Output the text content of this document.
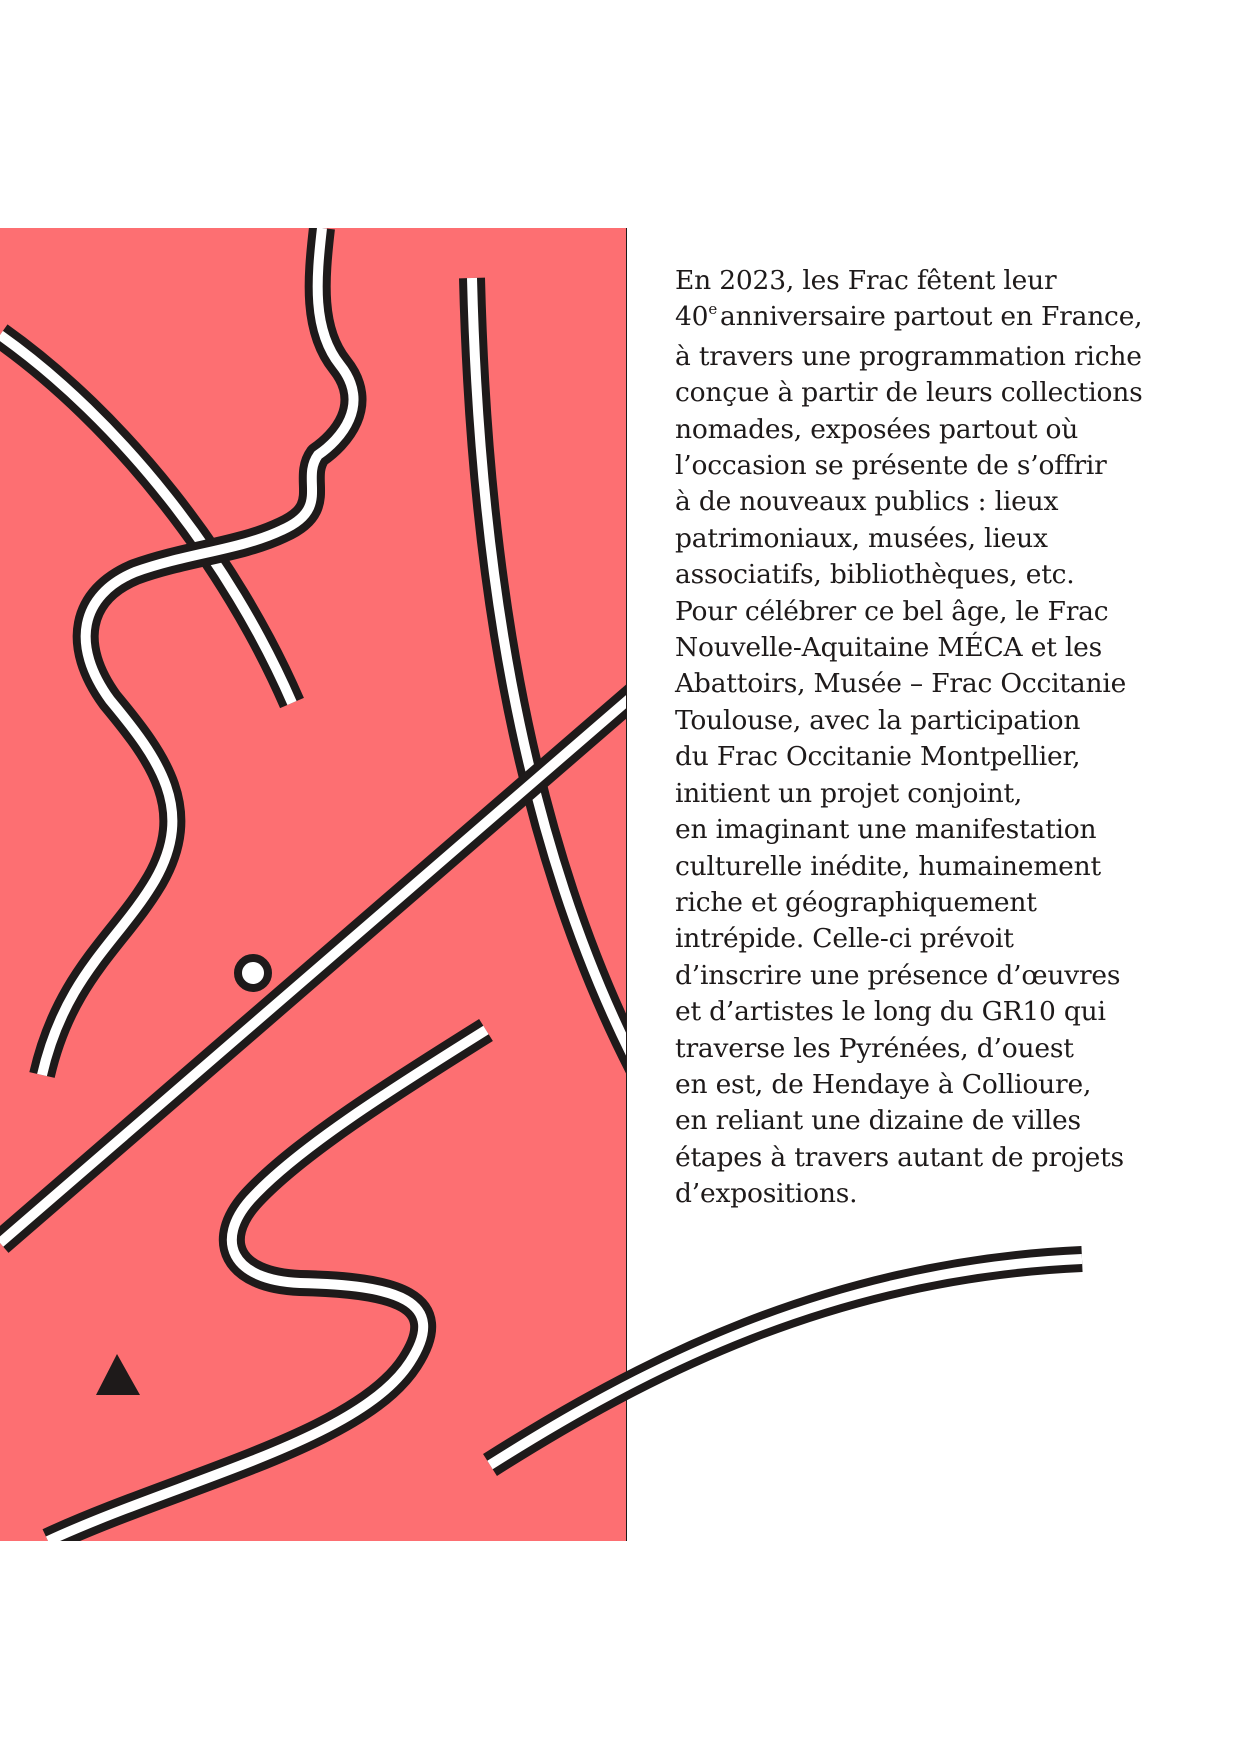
En 2023, les Frac fêtent leur
40e anniversaire partout en France,
à travers une programmation riche
conçue à partir de leurs collections
nomades, exposées partout où
l’occasion se présente de s’offrir
à de nouveaux publics : lieux
patrimoniaux, musées, lieux
associatifs, bibliothèques, etc.
Pour célébrer ce bel âge, le Frac
Nouvelle-Aquitaine MÉCA et les
Abattoirs, Musée – Frac Occitanie
Toulouse, avec la participation
du Frac Occitanie Montpellier,
initient un projet conjoint,
en imaginant une manifestation
culturelle inédite, humainement
riche et géographiquement
intrépide. Celle-ci prévoit
d’inscrire une présence d’œuvres
et d’artistes le long du GR10 qui
traverse les Pyrénées, d’ouest
en est, de Hendaye à Collioure,
en reliant une dizaine de villes
étapes à travers autant de projets
d’expositions.
